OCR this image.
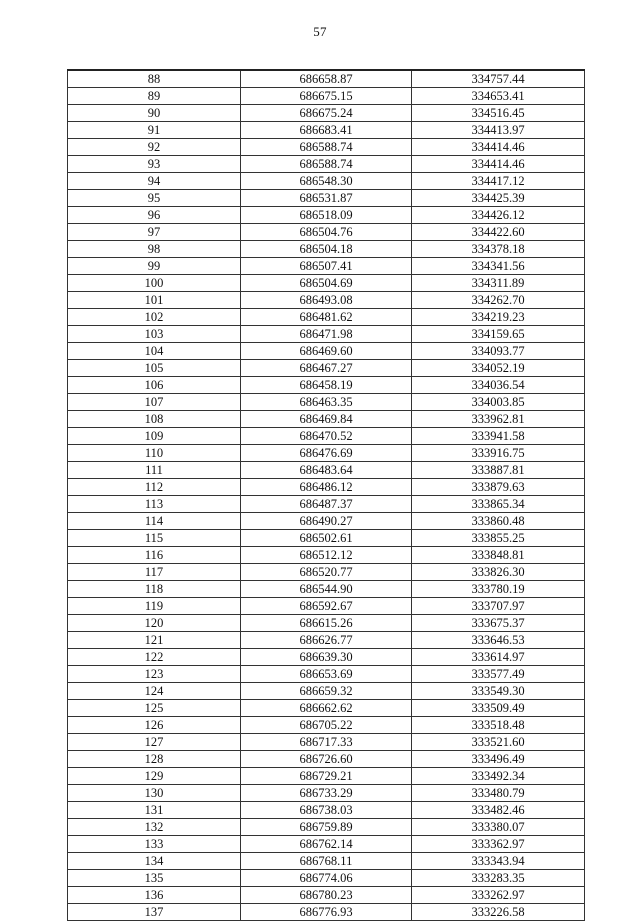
57
88	686658.87	334757.44
89	686675.15	334653.41
90	686675.24	334516.45
91	686683.41	334413.97
92	686588.74	334414.46
93	686588.74	334414.46
94	686548.30	334417.12
95	686531.87	334425.39
96	686518.09	334426.12
97	686504.76	334422.60
98	686504.18	334378.18
99	686507.41	334341.56
100	686504.69	334311.89
101	686493.08	334262.70
102	686481.62	334219.23
103	686471.98	334159.65
104	686469.60	334093.77
105	686467.27	334052.19
106	686458.19	334036.54
107	686463.35	334003.85
108	686469.84	333962.81
109	686470.52	333941.58
110	686476.69	333916.75
111	686483.64	333887.81
112	686486.12	333879.63
113	686487.37	333865.34
114	686490.27	333860.48
115	686502.61	333855.25
116	686512.12	333848.81
117	686520.77	333826.30
118	686544.90	333780.19
119	686592.67	333707.97
120	686615.26	333675.37
121	686626.77	333646.53
122	686639.30	333614.97
123	686653.69	333577.49
124	686659.32	333549.30
125	686662.62	333509.49
126	686705.22	333518.48
127	686717.33	333521.60
128	686726.60	333496.49
129	686729.21	333492.34
130	686733.29	333480.79
131	686738.03	333482.46
132	686759.89	333380.07
133	686762.14	333362.97
134	686768.11	333343.94
135	686774.06	333283.35
136	686780.23	333262.97
137	686776.93	333226.58
